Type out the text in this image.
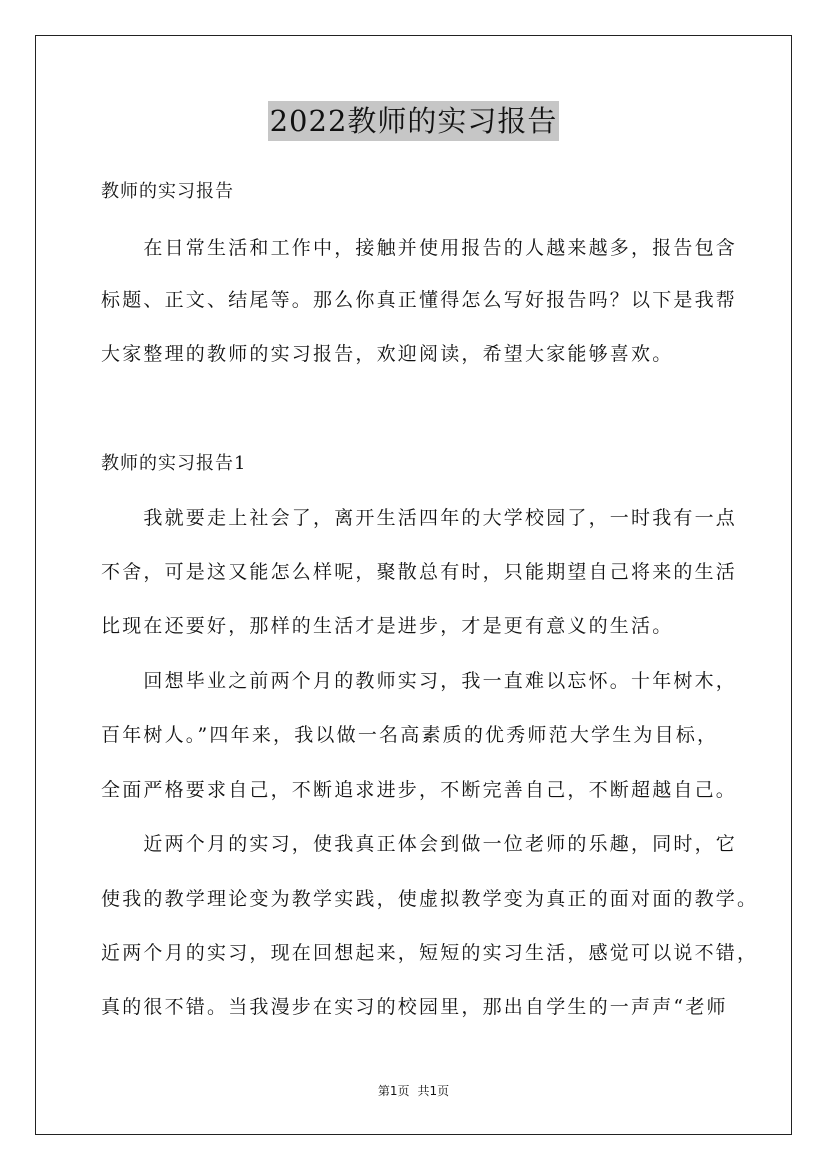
2022教师的实习报告
教师的实习报告
　　在日常生活和工作中，接触并使用报告的人越来越多，报告包含
标题、正文、结尾等。那么你真正懂得怎么写好报告吗？以下是我帮
大家整理的教师的实习报告，欢迎阅读，希望大家能够喜欢。
教师的实习报告1
　　我就要走上社会了，离开生活四年的大学校园了，一时我有一点
不舍，可是这又能怎么样呢，聚散总有时，只能期望自己将来的生活
比现在还要好，那样的生活才是进步，才是更有意义的生活。
　　回想毕业之前两个月的教师实习，我一直难以忘怀。十年树木，
百年树人。”四年来，我以做一名高素质的优秀师范大学生为目标，
全面严格要求自己，不断追求进步，不断完善自己，不断超越自己。
　　近两个月的实习，使我真正体会到做一位老师的乐趣，同时，它
使我的教学理论变为教学实践，使虚拟教学变为真正的面对面的教学。
近两个月的实习，现在回想起来，短短的实习生活，感觉可以说不错，
真的很不错。当我漫步在实习的校园里，那出自学生的一声声“老师
第1页 共1页
